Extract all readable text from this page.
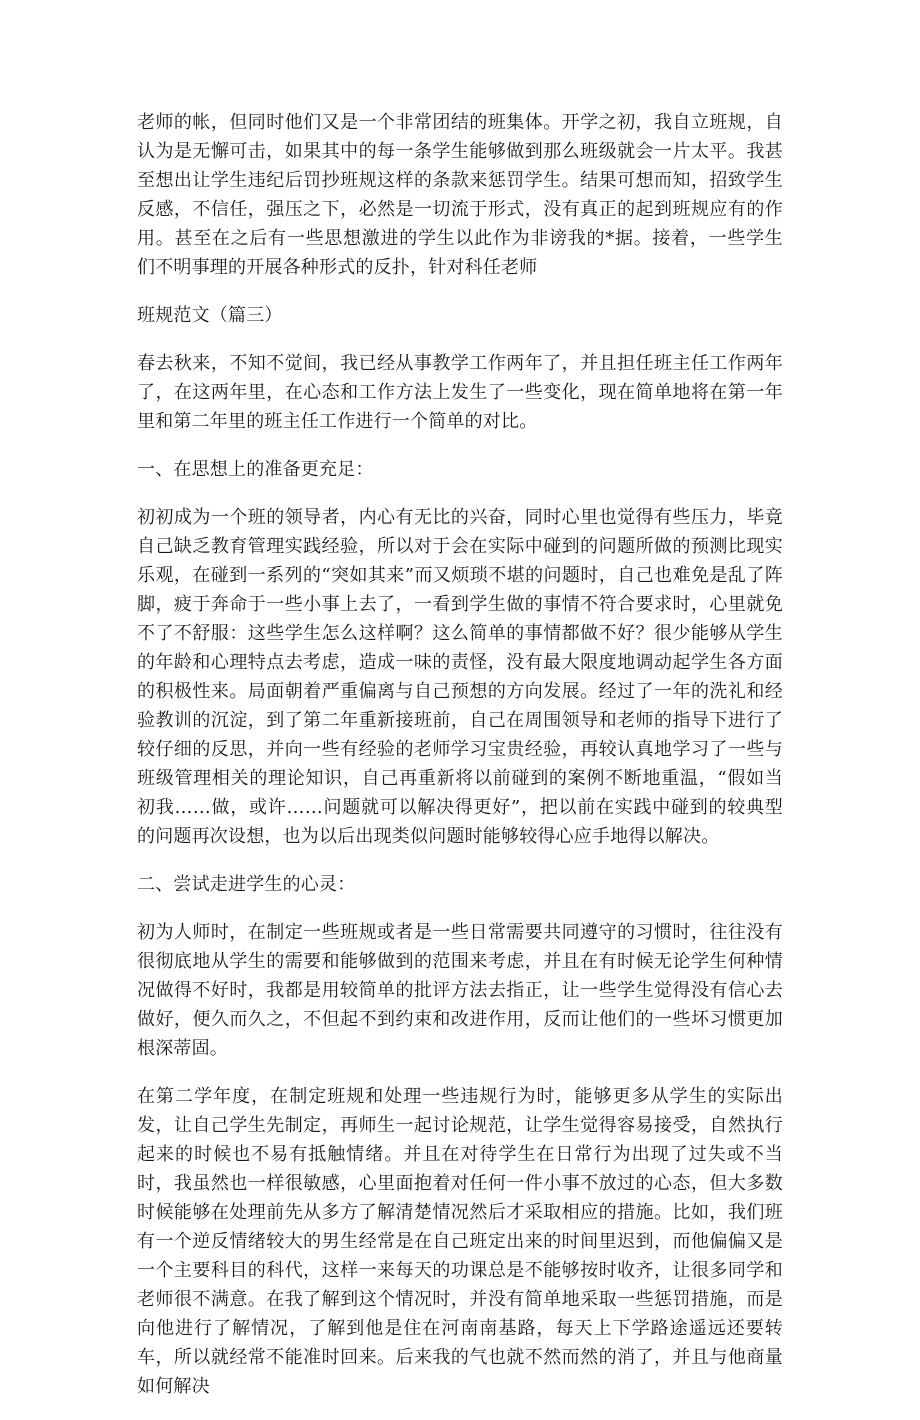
老师的帐，但同时他们又是一个非常团结的班集体。开学之初，我自立班规，自认为是无懈可击，如果其中的每一条学生能够做到那么班级就会一片太平。我甚至想出让学生违纪后罚抄班规这样的条款来惩罚学生。结果可想而知，招致学生反感，不信任，强压之下，必然是一切流于形式，没有真正的起到班规应有的作用。甚至在之后有一些思想激进的学生以此作为非谤我的*据。接着，一些学生们不明事理的开展各种形式的反扑，针对科任老师

班规范文（篇三）

春去秋来，不知不觉间，我已经从事教学工作两年了，并且担任班主任工作两年了，在这两年里，在心态和工作方法上发生了一些变化，现在简单地将在第一年里和第二年里的班主任工作进行一个简单的对比。

一、在思想上的准备更充足：

初初成为一个班的领导者，内心有无比的兴奋，同时心里也觉得有些压力，毕竟自己缺乏教育管理实践经验，所以对于会在实际中碰到的问题所做的预测比现实乐观，在碰到一系列的“突如其来”而又烦琐不堪的问题时，自己也难免是乱了阵脚，疲于奔命于一些小事上去了，一看到学生做的事情不符合要求时，心里就免不了不舒服：这些学生怎么这样啊？这么简单的事情都做不好？很少能够从学生的年龄和心理特点去考虑，造成一味的责怪，没有最大限度地调动起学生各方面的积极性来。局面朝着严重偏离与自己预想的方向发展。经过了一年的洗礼和经验教训的沉淀，到了第二年重新接班前，自己在周围领导和老师的指导下进行了较仔细的反思，并向一些有经验的老师学习宝贵经验，再较认真地学习了一些与班级管理相关的理论知识，自己再重新将以前碰到的案例不断地重温，“假如当初我……做，或许……问题就可以解决得更好”，把以前在实践中碰到的较典型的问题再次设想，也为以后出现类似问题时能够较得心应手地得以解决。

二、尝试走进学生的心灵：

初为人师时，在制定一些班规或者是一些日常需要共同遵守的习惯时，往往没有很彻底地从学生的需要和能够做到的范围来考虑，并且在有时候无论学生何种情况做得不好时，我都是用较简单的批评方法去指正，让一些学生觉得没有信心去做好，便久而久之，不但起不到约束和改进作用，反而让他们的一些坏习惯更加根深蒂固。

在第二学年度，在制定班规和处理一些违规行为时，能够更多从学生的实际出发，让自己学生先制定，再师生一起讨论规范，让学生觉得容易接受，自然执行起来的时候也不易有抵触情绪。并且在对待学生在日常行为出现了过失或不当时，我虽然也一样很敏感，心里面抱着对任何一件小事不放过的心态，但大多数时候能够在处理前先从多方了解清楚情况然后才采取相应的措施。比如，我们班有一个逆反情绪较大的男生经常是在自己班定出来的时间里迟到，而他偏偏又是一个主要科目的科代，这样一来每天的功课总是不能够按时收齐，让很多同学和老师很不满意。在我了解到这个情况时，并没有简单地采取一些惩罚措施，而是向他进行了解情况，了解到他是住在河南南基路，每天上下学路途遥远还要转车，所以就经常不能准时回来。后来我的气也就不然而然的消了，并且与他商量如何解决
